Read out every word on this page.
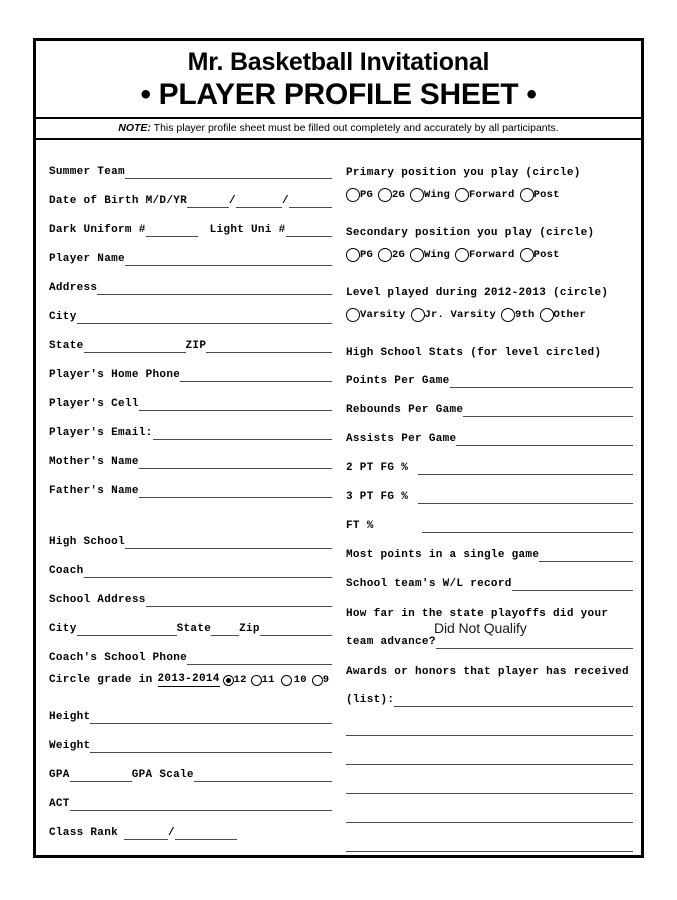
Mr. Basketball Invitational
• PLAYER PROFILE SHEET •
NOTE: This player profile sheet must be filled out completely and accurately by all participants.
Summer Team
Date of Birth M/D/YR	/	/
Dark Uniform #	Light Uni #
Player Name
Address
City
State	ZIP
Player's Home Phone
Player's Cell
Player's Email:
Mother's Name
Father's Name
High School
Coach
School Address
City	State	Zip
Coach's School Phone
Circle grade in 2013-2014 12 11 10 9
Height
Weight
GPA	GPA Scale
ACT
Class Rank	/
Primary position you play (circle)
PG 2G Wing Forward Post
Secondary position you play (circle)
PG 2G Wing Forward Post
Level played during 2012-2013 (circle)
Varsity Jr. Varsity 9th Other
High School Stats (for level circled)
Points Per Game
Rebounds Per Game
Assists Per Game
2 PT FG %
3 PT FG %
FT %
Most points in a single game
School team's W/L record
How far in the state playoffs did your
team advance?
Did Not Qualify
Awards or honors that player has received
(list):
